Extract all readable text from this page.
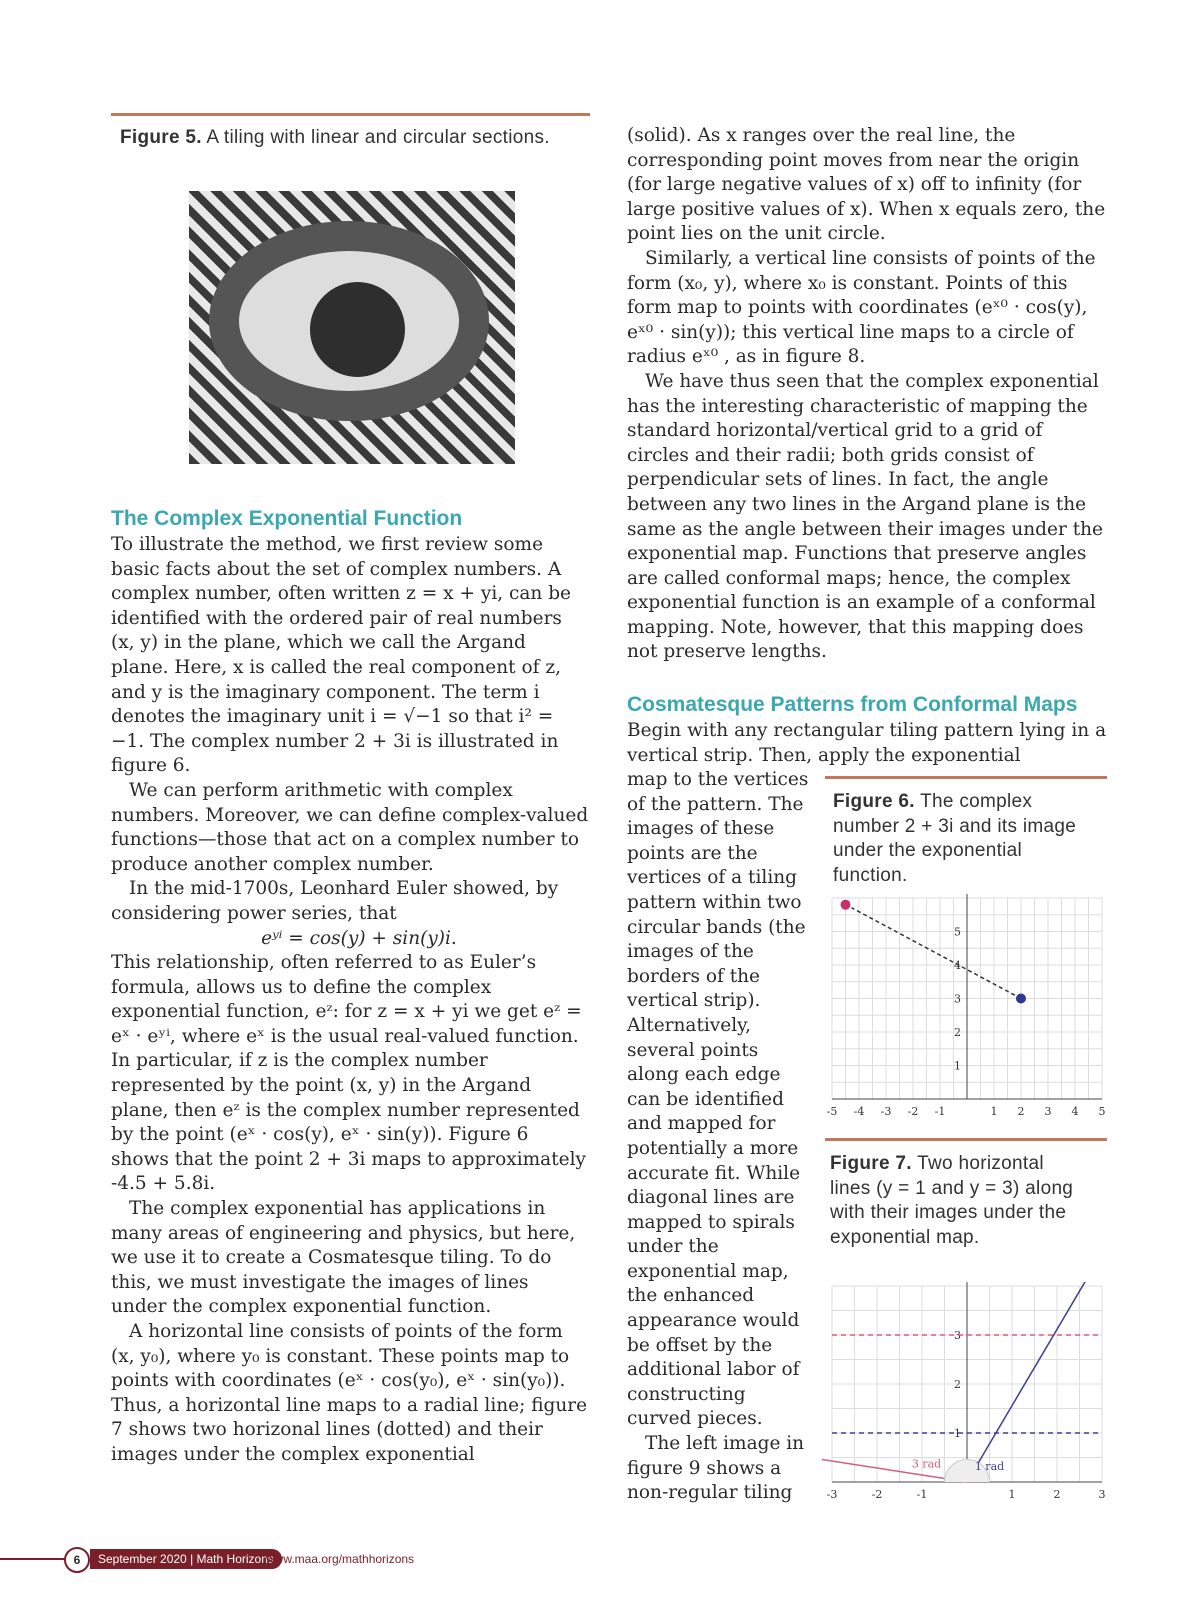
Figure 5. A tiling with linear and circular sections.
The Complex Exponential Function

To illustrate the method, we first review some basic facts about the set of complex numbers. A complex number, often written z = x + yi, can be identified with the ordered pair of real numbers (x, y) in the plane, which we call the Argand plane. Here, x is called the real component of z, and y is the imaginary component. The term i denotes the imaginary unit i = √−1 so that i² = −1. The complex number 2 + 3i is illustrated in figure 6.

We can perform arithmetic with complex numbers. Moreover, we can define complex-valued functions—those that act on a complex number to produce another complex number.

In the mid-1700s, Leonhard Euler showed, by considering power series, that

eʸⁱ = cos(y) + sin(y)i.

This relationship, often referred to as Euler’s formula, allows us to define the complex exponential function, eᶻ: for z = x + yi we get eᶻ = eˣ · eʸⁱ, where eˣ is the usual real-valued function. In particular, if z is the complex number represented by the point (x, y) in the Argand plane, then eᶻ is the complex number represented by the point (eˣ · cos(y), eˣ · sin(y)). Figure 6 shows that the point 2 + 3i maps to approximately -4.5 + 5.8i.

The complex exponential has applications in many areas of engineering and physics, but here, we use it to create a Cosmatesque tiling. To do this, we must investigate the images of lines under the complex exponential function.

A horizontal line consists of points of the form (x, y₀), where y₀ is constant. These points map to points with coordinates (eˣ · cos(y₀), eˣ · sin(y₀)). Thus, a horizontal line maps to a radial line; figure 7 shows two horizonal lines (dotted) and their images under the complex exponential

(solid). As x ranges over the real line, the corresponding point moves from near the origin (for large negative values of x) off to infinity (for large positive values of x). When x equals zero, the point lies on the unit circle.

Similarly, a vertical line consists of points of the form (x₀, y), where x₀ is constant. Points of this form map to points with coordinates (eˣ⁰ · cos(y), eˣ⁰ · sin(y)); this vertical line maps to a circle of radius eˣ⁰ , as in figure 8.

We have thus seen that the complex exponential has the interesting characteristic of mapping the standard horizontal/vertical grid to a grid of circles and their radii; both grids consist of perpendicular sets of lines. In fact, the angle between any two lines in the Argand plane is the same as the angle between their images under the exponential map. Functions that preserve angles are called conformal maps; hence, the complex exponential function is an example of a conformal mapping. Note, however, that this mapping does not preserve lengths.

Cosmatesque Patterns from Conformal Maps

Begin with any rectangular tiling pattern lying in a vertical strip. Then, apply the exponential

map to the vertices of the pattern. The images of these points are the vertices of a tiling pattern within two circular bands (the images of the borders of the vertical strip). Alternatively, several points along each edge can be identified and mapped for potentially a more accurate fit. While diagonal lines are mapped to spirals under the exponential map, the enhanced appearance would be offset by the additional labor of constructing curved pieces.

The left image in figure 9 shows a non-regular tiling

Figure 6. The complex number 2 + 3i and its image under the exponential function.
-5 -4 -3 -2 -1	1 2 3 4 5
1
2
3
4
5
Figure 7. Two horizontal lines (y = 1 and y = 3) along with their images under the exponential map.
-3	-2	-1	1	2	3
1
2
3
3 rad	1 rad
6	September 2020 | Math Horizons
www.maa.org/mathhorizons
